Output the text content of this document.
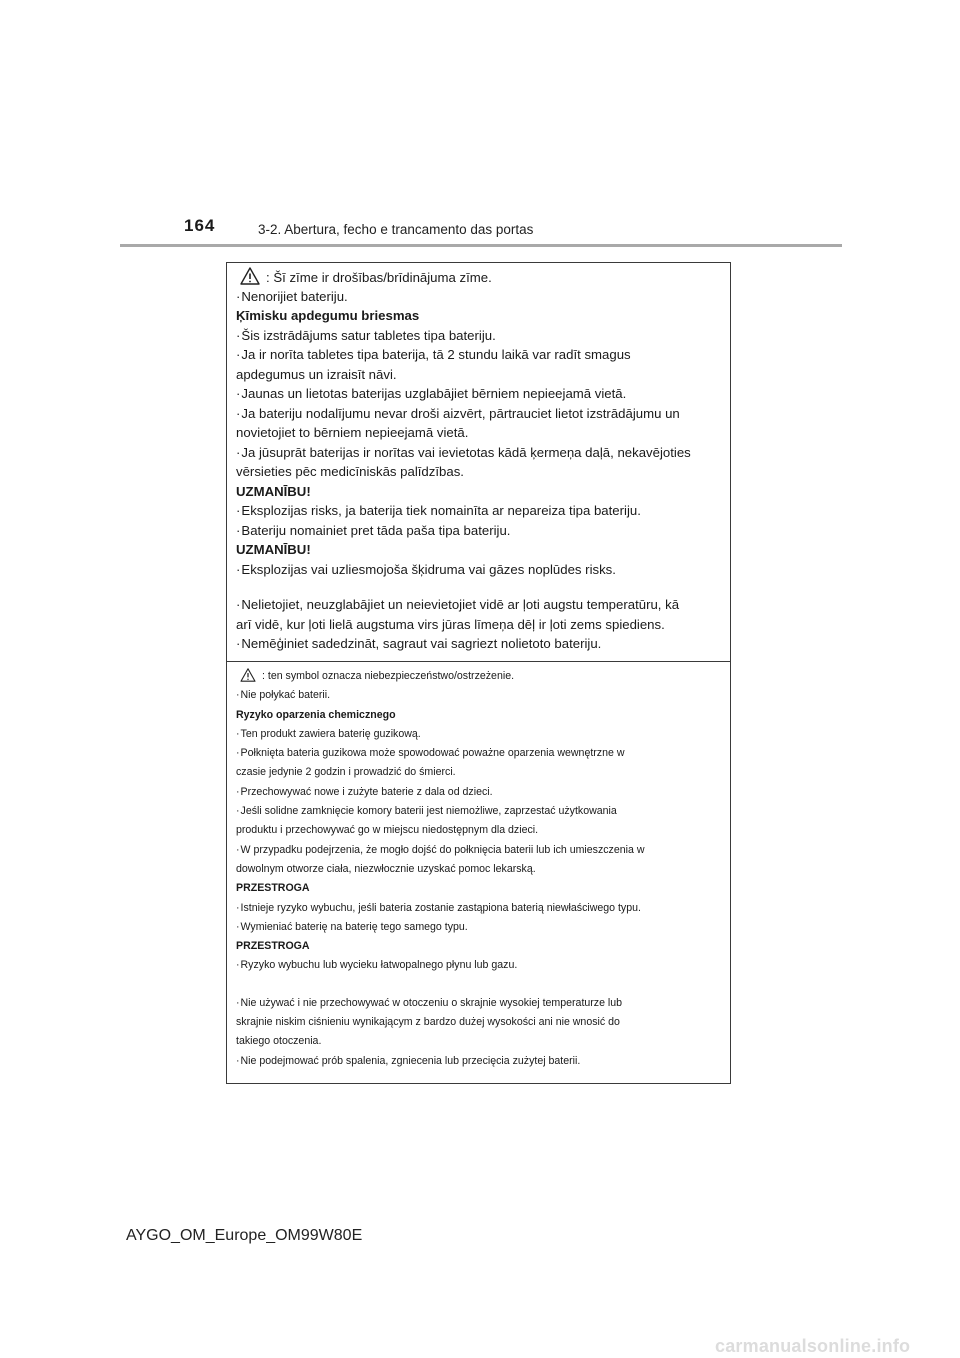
164	3-2. Abertura, fecho e trancamento das portas
: Šī zīme ir drošības/brīdinājuma zīme.
·Nenorijiet bateriju.
Ķīmisku apdegumu briesmas
·Šis izstrādājums satur tabletes tipa bateriju.
·Ja ir norīta tabletes tipa baterija, tā 2 stundu laikā var radīt smagus
apdegumus un izraisīt nāvi.
·Jaunas un lietotas baterijas uzglabājiet bērniem nepieejamā vietā.
·Ja bateriju nodalījumu nevar droši aizvērt, pārtrauciet lietot izstrādājumu un
novietojiet to bērniem nepieejamā vietā.
·Ja jūsuprāt baterijas ir norītas vai ievietotas kādā ķermeņa daļā, nekavējoties
vērsieties pēc medicīniskās palīdzības.
UZMANĪBU!
·Eksplozijas risks, ja baterija tiek nomainīta ar nepareiza tipa bateriju.
·Bateriju nomainiet pret tāda paša tipa bateriju.
UZMANĪBU!
·Eksplozijas vai uzliesmojoša šķidruma vai gāzes noplūdes risks.
·Nelietojiet, neuzglabājiet un neievietojiet vidē ar ļoti augstu temperatūru, kā
arī vidē, kur ļoti lielā augstuma virs jūras līmeņa dēļ ir ļoti zems spiediens.
·Nemēģiniet sadedzināt, sagraut vai sagriezt nolietoto bateriju.
: ten symbol oznacza niebezpieczeństwo/ostrzeżenie.
·Nie połykać baterii.
Ryzyko oparzenia chemicznego
·Ten produkt zawiera baterię guzikową.
·Połknięta bateria guzikowa może spowodować poważne oparzenia wewnętrzne w
czasie jedynie 2 godzin i prowadzić do śmierci.
·Przechowywać nowe i zużyte baterie z dala od dzieci.
·Jeśli solidne zamknięcie komory baterii jest niemożliwe, zaprzestać użytkowania
produktu i przechowywać go w miejscu niedostępnym dla dzieci.
·W przypadku podejrzenia, że mogło dojść do połknięcia baterii lub ich umieszczenia w
dowolnym otworze ciała, niezwłocznie uzyskać pomoc lekarską.
PRZESTROGA
·Istnieje ryzyko wybuchu, jeśli bateria zostanie zastąpiona baterią niewłaściwego typu.
·Wymieniać baterię na baterię tego samego typu.
PRZESTROGA
·Ryzyko wybuchu lub wycieku łatwopalnego płynu lub gazu.
·Nie używać i nie przechowywać w otoczeniu o skrajnie wysokiej temperaturze lub
skrajnie niskim ciśnieniu wynikającym z bardzo dużej wysokości ani nie wnosić do
takiego otoczenia.
·Nie podejmować prób spalenia, zgniecenia lub przecięcia zużytej baterii.
AYGO_OM_Europe_OM99W80E
carmanualsonline.info
